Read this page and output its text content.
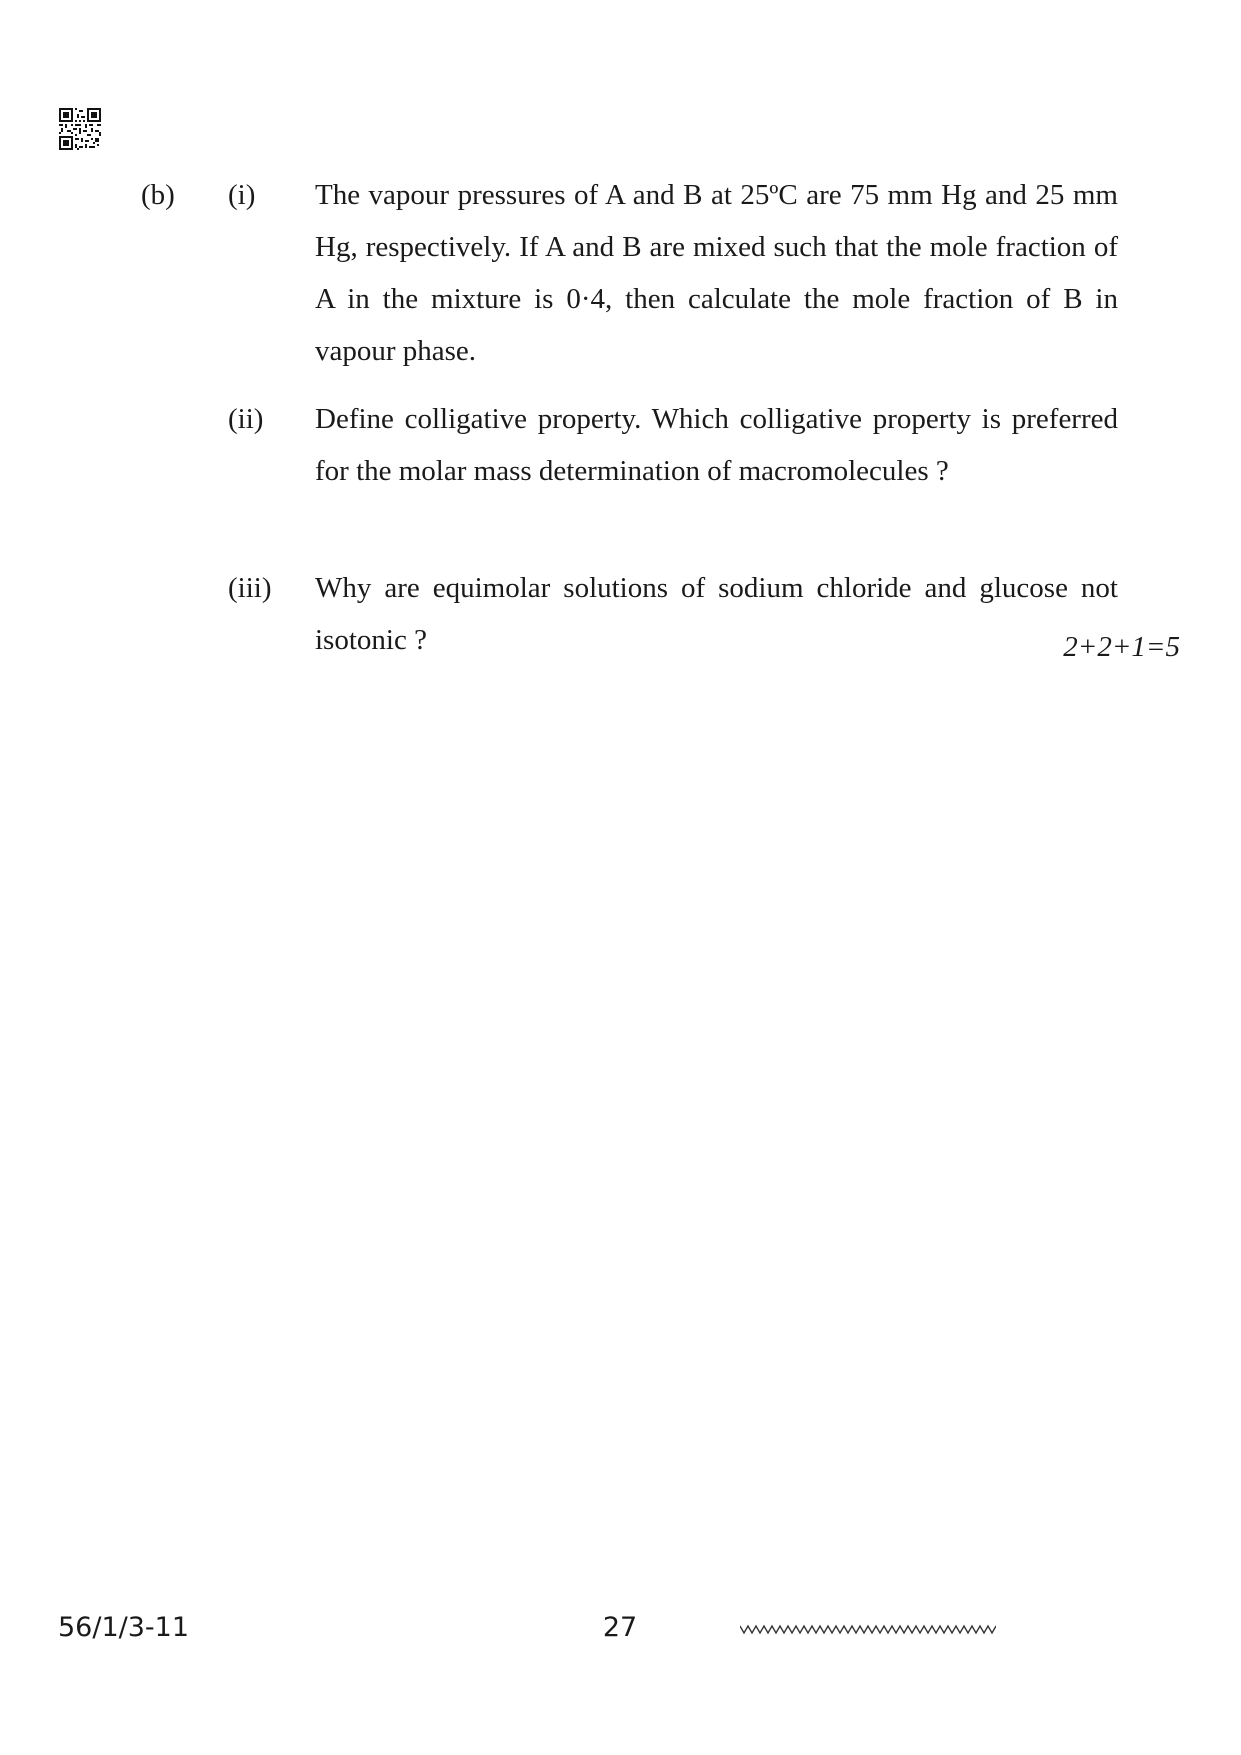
(b) (i) The vapour pressures of A and B at 25ºC are 75 mm Hg and 25 mm Hg, respectively. If A and B are mixed such that the mole fraction of A in the mixture is 0·4, then calculate the mole fraction of B in vapour phase.

(ii) Define colligative property. Which colligative property is preferred for the molar mass determination of macromolecules ?

(iii) Why are equimolar solutions of sodium chloride and glucose not isotonic ?	2+2+1=5
56/1/3-11	27
